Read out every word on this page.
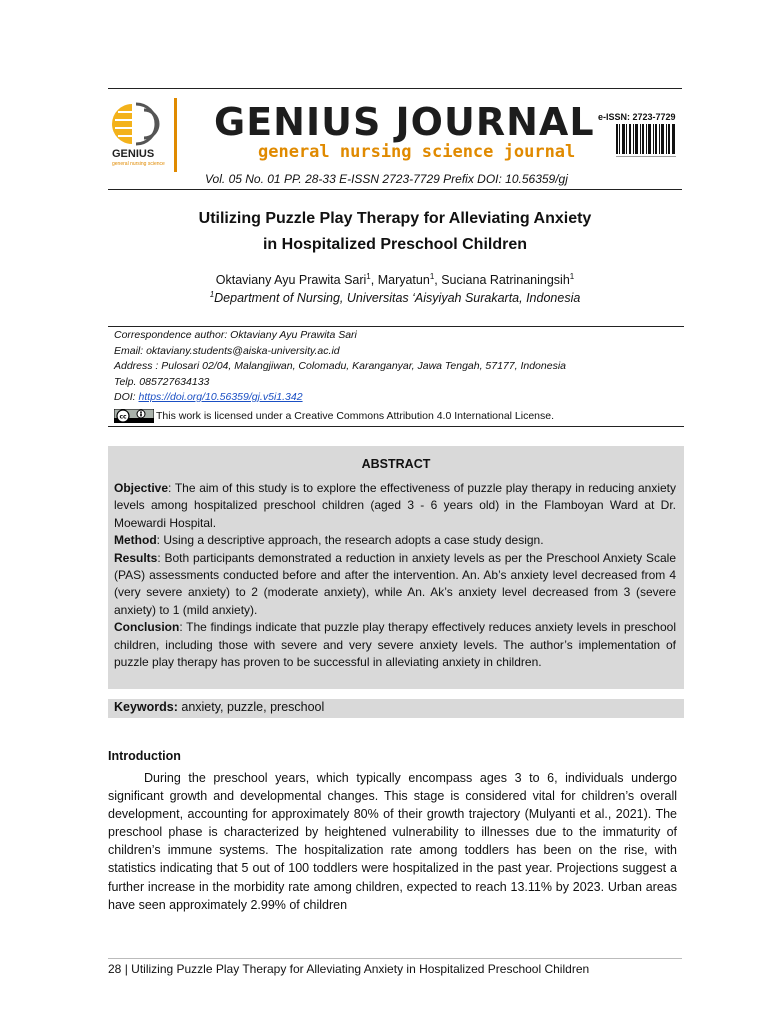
GENIUS
general nursing science
GENIUS JOURNAL
general nursing science journal
e-ISSN: 2723-7729
Vol. 05 No. 01 PP. 28-33 E-ISSN 2723-7729 Prefix DOI: 10.56359/gj
Utilizing Puzzle Play Therapy for Alleviating Anxiety
in Hospitalized Preschool Children
Oktaviany Ayu Prawita Sari$^1$, Maryatun$^1$, Suciana Ratrinaningsih$^1$
$^1$Department of Nursing, Universitas ‘Aisyiyah Surakarta, Indonesia
Correspondence author: Oktaviany Ayu Prawita Sari
Email: oktaviany.students@aiska-university.ac.id
Address : Pulosari 02/04, Malangjiwan, Colomadu, Karanganyar, Jawa Tengah, 57177, Indonesia
Telp. 085727634133
DOI: https://doi.org/10.56359/gj.v5i1.342
cc	This work is licensed under a Creative Commons Attribution 4.0 International License.
ABSTRACT

Objective: The aim of this study is to explore the effectiveness of puzzle play therapy in reducing anxiety levels among hospitalized preschool children (aged 3 - 6 years old) in the Flamboyan Ward at Dr. Moewardi Hospital.

Method: Using a descriptive approach, the research adopts a case study design.

Results: Both participants demonstrated a reduction in anxiety levels as per the Preschool Anxiety Scale (PAS) assessments conducted before and after the intervention. An. Ab’s anxiety level decreased from 4 (very severe anxiety) to 2 (moderate anxiety), while An. Ak’s anxiety level decreased from 3 (severe anxiety) to 1 (mild anxiety).

Conclusion: The findings indicate that puzzle play therapy effectively reduces anxiety levels in preschool children, including those with severe and very severe anxiety levels. The author’s implementation of puzzle play therapy has proven to be successful in alleviating anxiety in children.

Keywords: anxiety, puzzle, preschool
Introduction

During the preschool years, which typically encompass ages 3 to 6, individuals undergo significant growth and developmental changes. This stage is considered vital for children’s overall development, accounting for approximately 80% of their growth trajectory (Mulyanti et al., 2021). The preschool phase is characterized by heightened vulnerability to illnesses due to the immaturity of children’s immune systems. The hospitalization rate among toddlers has been on the rise, with statistics indicating that 5 out of 100 toddlers were hospitalized in the past year. Projections suggest a further increase in the morbidity rate among children, expected to reach 13.11% by 2023. Urban areas have seen approximately 2.99% of children

28 | Utilizing Puzzle Play Therapy for Alleviating Anxiety in Hospitalized Preschool Children
